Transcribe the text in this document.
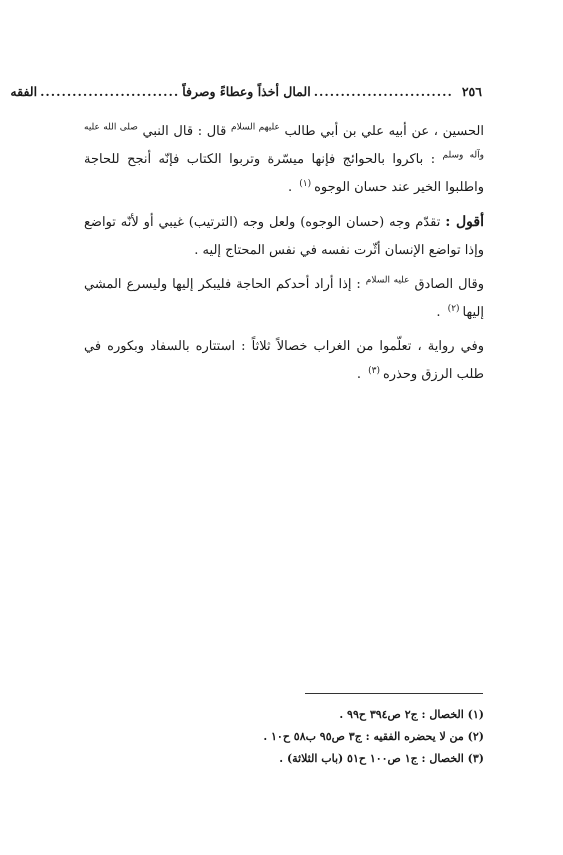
٢٥٦
..........................
المال أخذاً وعطاءً وصرفاً
..........................
الفقه

الحسين ، عن أبيه علي بن أبي طالب $^{عليهم السلام}$ قال : قال النبي $^{صلى الله عليه وآله وسلم}$ : باكروا بالحوائج فإنها ميسّرة وتربوا الكتاب فإنّه أنجح للحاجة واطلبوا الخير عند حسان الوجوه$^{(١)}$ .

أقول : تقدّم وجه (حسان الوجوه) ولعل وجه (الترتيب) غيبي أو لأنّه تواضع وإذا تواضع الإنسان أثّرت نفسه في نفس المحتاج إليه .

وقال الصادق $^{عليه السلام}$ : إذا أراد أحدكم الحاجة فليبكر إليها وليسرع المشي إليها$^{(٢)}$ .

وفي رواية ، تعلّموا من الغراب خصالاً ثلاثاً : استتاره بالسفاد وبكوره في طلب الرزق وحذره$^{(٣)}$ .

(١) الخصال : ج٢ ص٣٩٤ ح٩٩ .
(٢) من لا يحضره الفقيه : ج٣ ص٩٥ ب٥٨ ح١٠ .
(٣) الخصال : ج١ ص١٠٠ ح٥١ (باب الثلاثة) .
